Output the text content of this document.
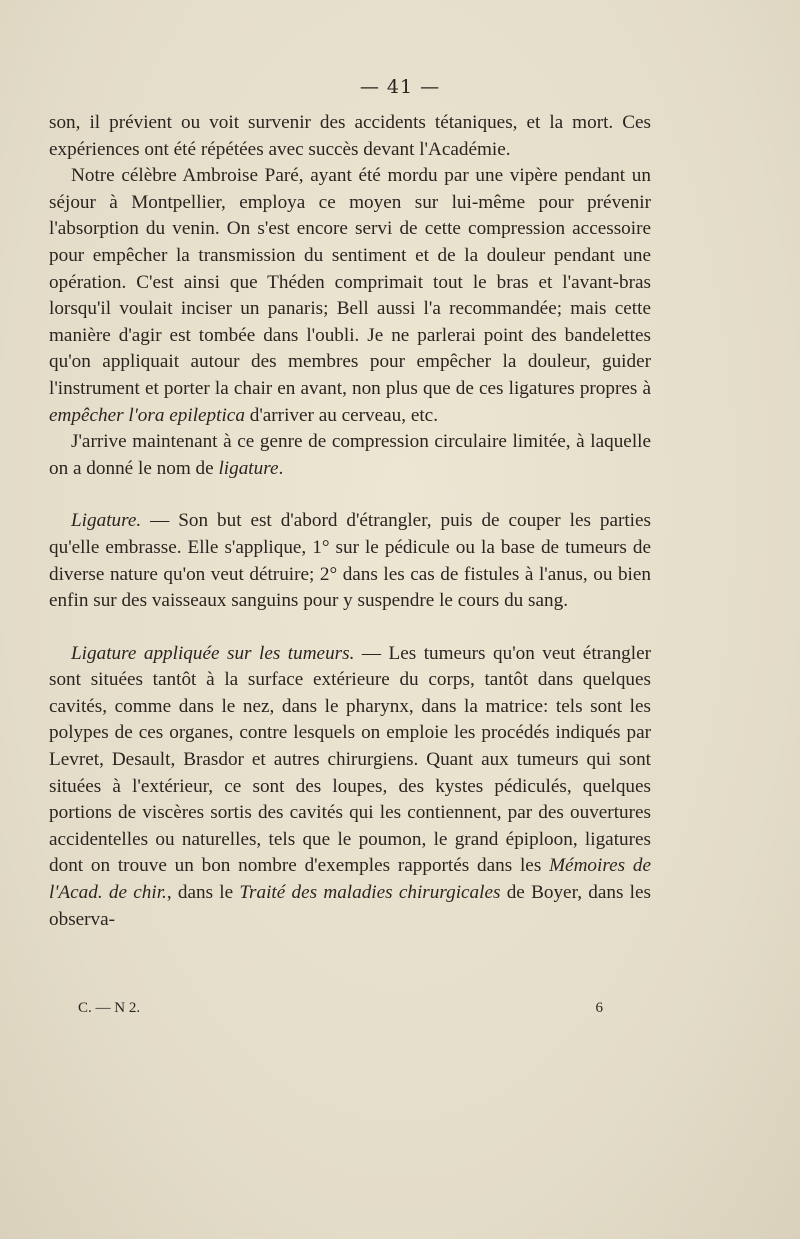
— 41 —

son, il prévient ou voit survenir des accidents tétaniques, et la mort. Ces expériences ont été répétées avec succès devant l'Académie.

Notre célèbre Ambroise Paré, ayant été mordu par une vipère pendant un séjour à Montpellier, employa ce moyen sur lui-même pour prévenir l'absorption du venin. On s'est encore servi de cette compression accessoire pour empêcher la transmission du sentiment et de la douleur pendant une opération. C'est ainsi que Théden comprimait tout le bras et l'avant-bras lorsqu'il voulait inciser un panaris; Bell aussi l'a recommandée; mais cette manière d'agir est tombée dans l'oubli. Je ne parlerai point des bandelettes qu'on appliquait autour des membres pour empêcher la douleur, guider l'instrument et porter la chair en avant, non plus que de ces ligatures propres à empêcher l'ora epileptica d'arriver au cerveau, etc.

J'arrive maintenant à ce genre de compression circulaire limitée, à laquelle on a donné le nom de ligature.

Ligature. — Son but est d'abord d'étrangler, puis de couper les parties qu'elle embrasse. Elle s'applique, 1° sur le pédicule ou la base de tumeurs de diverse nature qu'on veut détruire; 2° dans les cas de fistules à l'anus, ou bien enfin sur des vaisseaux sanguins pour y suspendre le cours du sang.

Ligature appliquée sur les tumeurs. — Les tumeurs qu'on veut étrangler sont situées tantôt à la surface extérieure du corps, tantôt dans quelques cavités, comme dans le nez, dans le pharynx, dans la matrice: tels sont les polypes de ces organes, contre lesquels on emploie les procédés indiqués par Levret, Desault, Brasdor et autres chirurgiens. Quant aux tumeurs qui sont situées à l'extérieur, ce sont des loupes, des kystes pédiculés, quelques portions de viscères sortis des cavités qui les contiennent, par des ouvertures accidentelles ou naturelles, tels que le poumon, le grand épiploon, ligatures dont on trouve un bon nombre d'exemples rapportés dans les Mémoires de l'Acad. de chir., dans le Traité des maladies chirurgicales de Boyer, dans les observa-

C. — N 2.	6
